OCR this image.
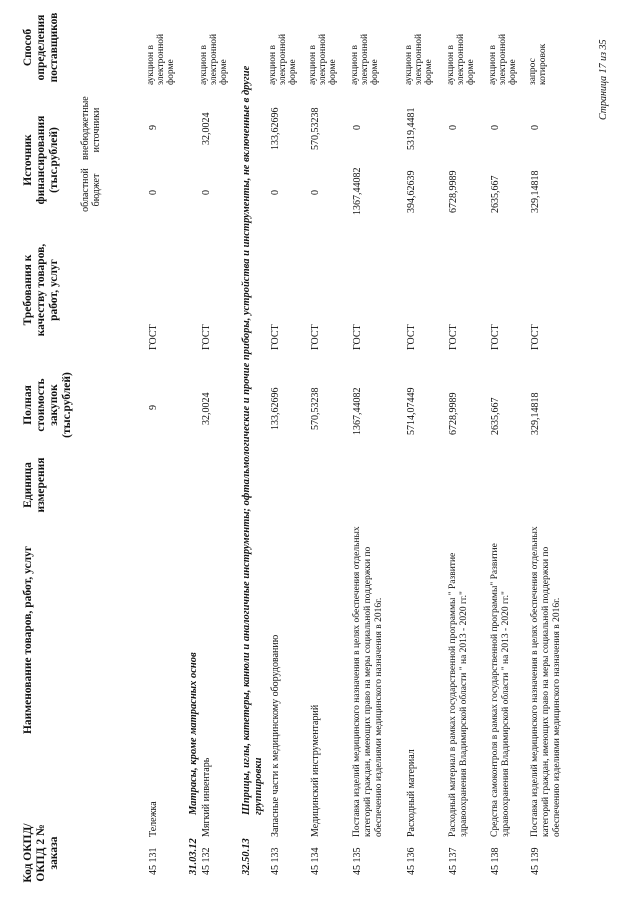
Код ОКПД/ ОКПД 2 № заказа
Наименование товаров, работ, услуг
Единица измерения
Полная стоимость закупок (тыс.рублей)
Требования к качеству товаров, работ, услуг
Источник финансирования (тыс.рублей) областной бюджет
внебюджетные источники
Способ определения поставщиков
45 131
Тележка
9
ГОСТ
0
9
аукцион в электронной форме
31.03.12
Матрасы, кроме матрасных основ
45 132
Мягкий инвентарь
32,0024
ГОСТ
0
32,0024
аукцион в электронной форме
32.50.13
Шприцы, иглы, катетеры, канюли и аналогичные инструменты; офтальмологические и прочие приборы, устройства и инструменты, не включенные в другие группировки
45 133
Запасные части к медицинскому оборудованию
133,62696
ГОСТ
0
133,62696
аукцион в электронной форме
45 134
Медицинский инструментарий
570,53238
ГОСТ
0
570,53238
аукцион в электронной форме
45 135
Поставка изделий медицинского назначения в целях обеспечения отдельных категорий граждан, имеющих право на меры социальной поддержки по обеспечению изделиями медицинского назначения в 2016г.
1367,44082
ГОСТ
1367,44082
0
аукцион в электронной форме
45 136
Расходный материал
5714,07449
ГОСТ
394,62639
5319,4481
аукцион в электронной форме
45 137
Расходный материал в рамках государственной программы " Развитие здравоохранения Владимирской области " на 2013 - 2020 гг."
6728,9989
ГОСТ
6728,9989
0
аукцион в электронной форме
45 138
Средства самоконтроля в рамках государственной программы" Развитие здравоохранения Владимирской области " на 2013 - 2020 гг."
2635,667
ГОСТ
2635,667
0
аукцион в электронной форме
45 139
Поставка изделий медицинского назначения в целях обеспечения отдельных категорий граждан, имеющих право на меры социальной поддержки по обеспечению изделиями медицинского назначения в 2016г.
329,14818
ГОСТ
329,14818
0
запрос котировок	Страница 17 из 35
